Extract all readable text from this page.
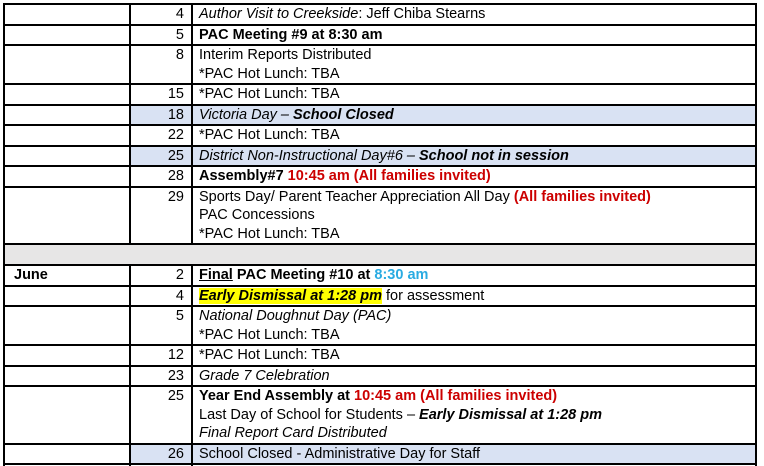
	4	Author Visit to Creekside: Jeff Chiba Stearns
	5	PAC Meeting #9 at 8:30 am
	8	Interim Reports Distributed
*PAC Hot Lunch: TBA

	15	*PAC Hot Lunch: TBA
	18	Victoria Day – School Closed
	22	*PAC Hot Lunch: TBA
	25	District Non-Instructional Day#6 – School not in session
	28	Assembly#7 10:45 am (All families invited)
	29	Sports Day/ Parent Teacher Appreciation All Day (All families invited)
PAC Concessions
*PAC Hot Lunch: TBA

June	2	Final PAC Meeting #10 at 8:30 am
	4	Early Dismissal at 1:28 pm for assessment
	5	National Doughnut Day (PAC)
*PAC Hot Lunch: TBA

	12	*PAC Hot Lunch: TBA
	23	Grade 7 Celebration
	25	Year End Assembly at 10:45 am (All families invited)
Last Day of School for Students – Early Dismissal at 1:28 pm
Final Report Card Distributed

	26	School Closed - Administrative Day for Staff
